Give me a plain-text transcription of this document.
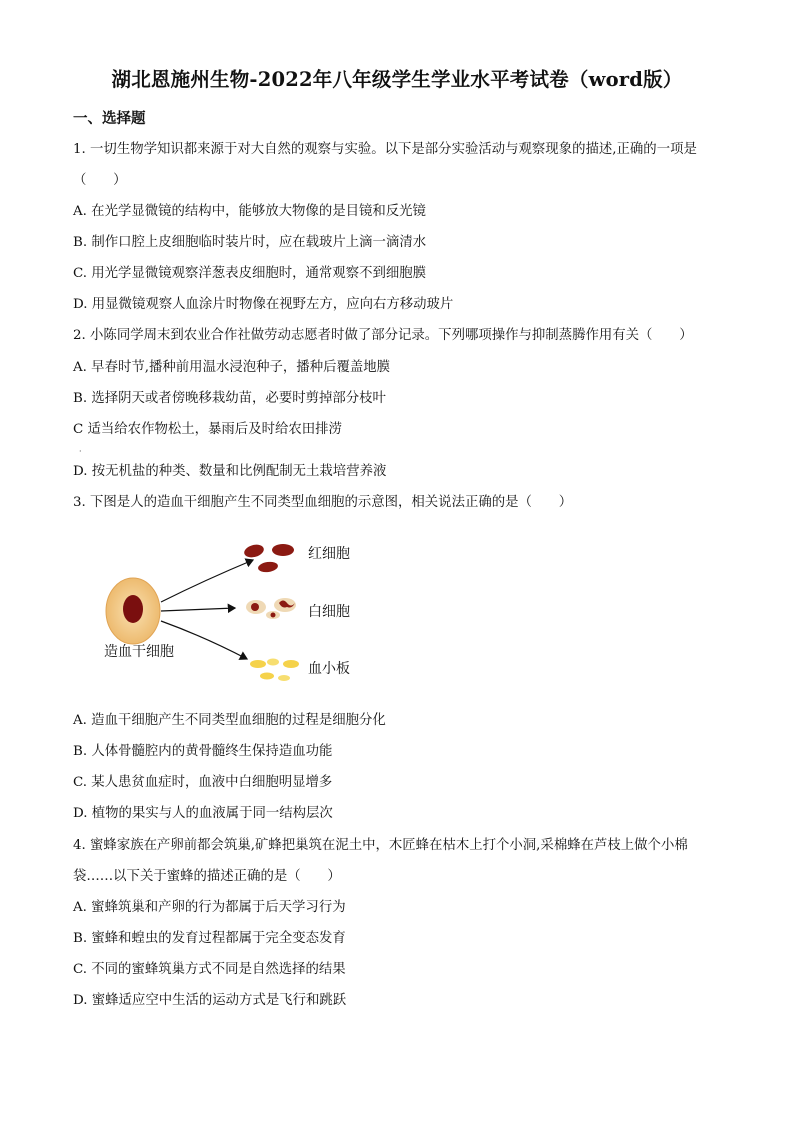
湖北恩施州生物-2022年八年级学生学业水平考试卷（word版）
一、选择题
1. 一切生物学知识都来源于对大自然的观察与实验。以下是部分实验活动与观察现象的描述,正确的一项是
（　　）
A. 在光学显微镜的结构中，能够放大物像的是目镜和反光镜
B. 制作口腔上皮细胞临时装片时，应在载玻片上滴一滴清水
C. 用光学显微镜观察洋葱表皮细胞时，通常观察不到细胞膜
D. 用显微镜观察人血涂片时物像在视野左方，应向右方移动玻片
2. 小陈同学周末到农业合作社做劳动志愿者时做了部分记录。下列哪项操作与抑制蒸腾作用有关（　　）
A. 早春时节,播种前用温水浸泡种子，播种后覆盖地膜
B. 选择阴天或者傍晚移栽幼苗，必要时剪掉部分枝叶
C 适当给农作物松土，暴雨后及时给农田排涝
·
D. 按无机盐的种类、数量和比例配制无土栽培营养液
3. 下图是人的造血干细胞产生不同类型血细胞的示意图，相关说法正确的是（　　）
红细胞
白细胞
血小板
造血干细胞
A. 造血干细胞产生不同类型血细胞的过程是细胞分化
B. 人体骨髓腔内的黄骨髓终生保持造血功能
C. 某人患贫血症时，血液中白细胞明显增多
D. 植物的果实与人的血液属于同一结构层次
4. 蜜蜂家族在产卵前都会筑巢,矿蜂把巢筑在泥土中，木匠蜂在枯木上打个小洞,采棉蜂在芦枝上做个小棉
袋……以下关于蜜蜂的描述正确的是（　　）
A. 蜜蜂筑巢和产卵的行为都属于后天学习行为
B. 蜜蜂和蝗虫的发育过程都属于完全变态发育
C. 不同的蜜蜂筑巢方式不同是自然选择的结果
D. 蜜蜂适应空中生活的运动方式是飞行和跳跃
